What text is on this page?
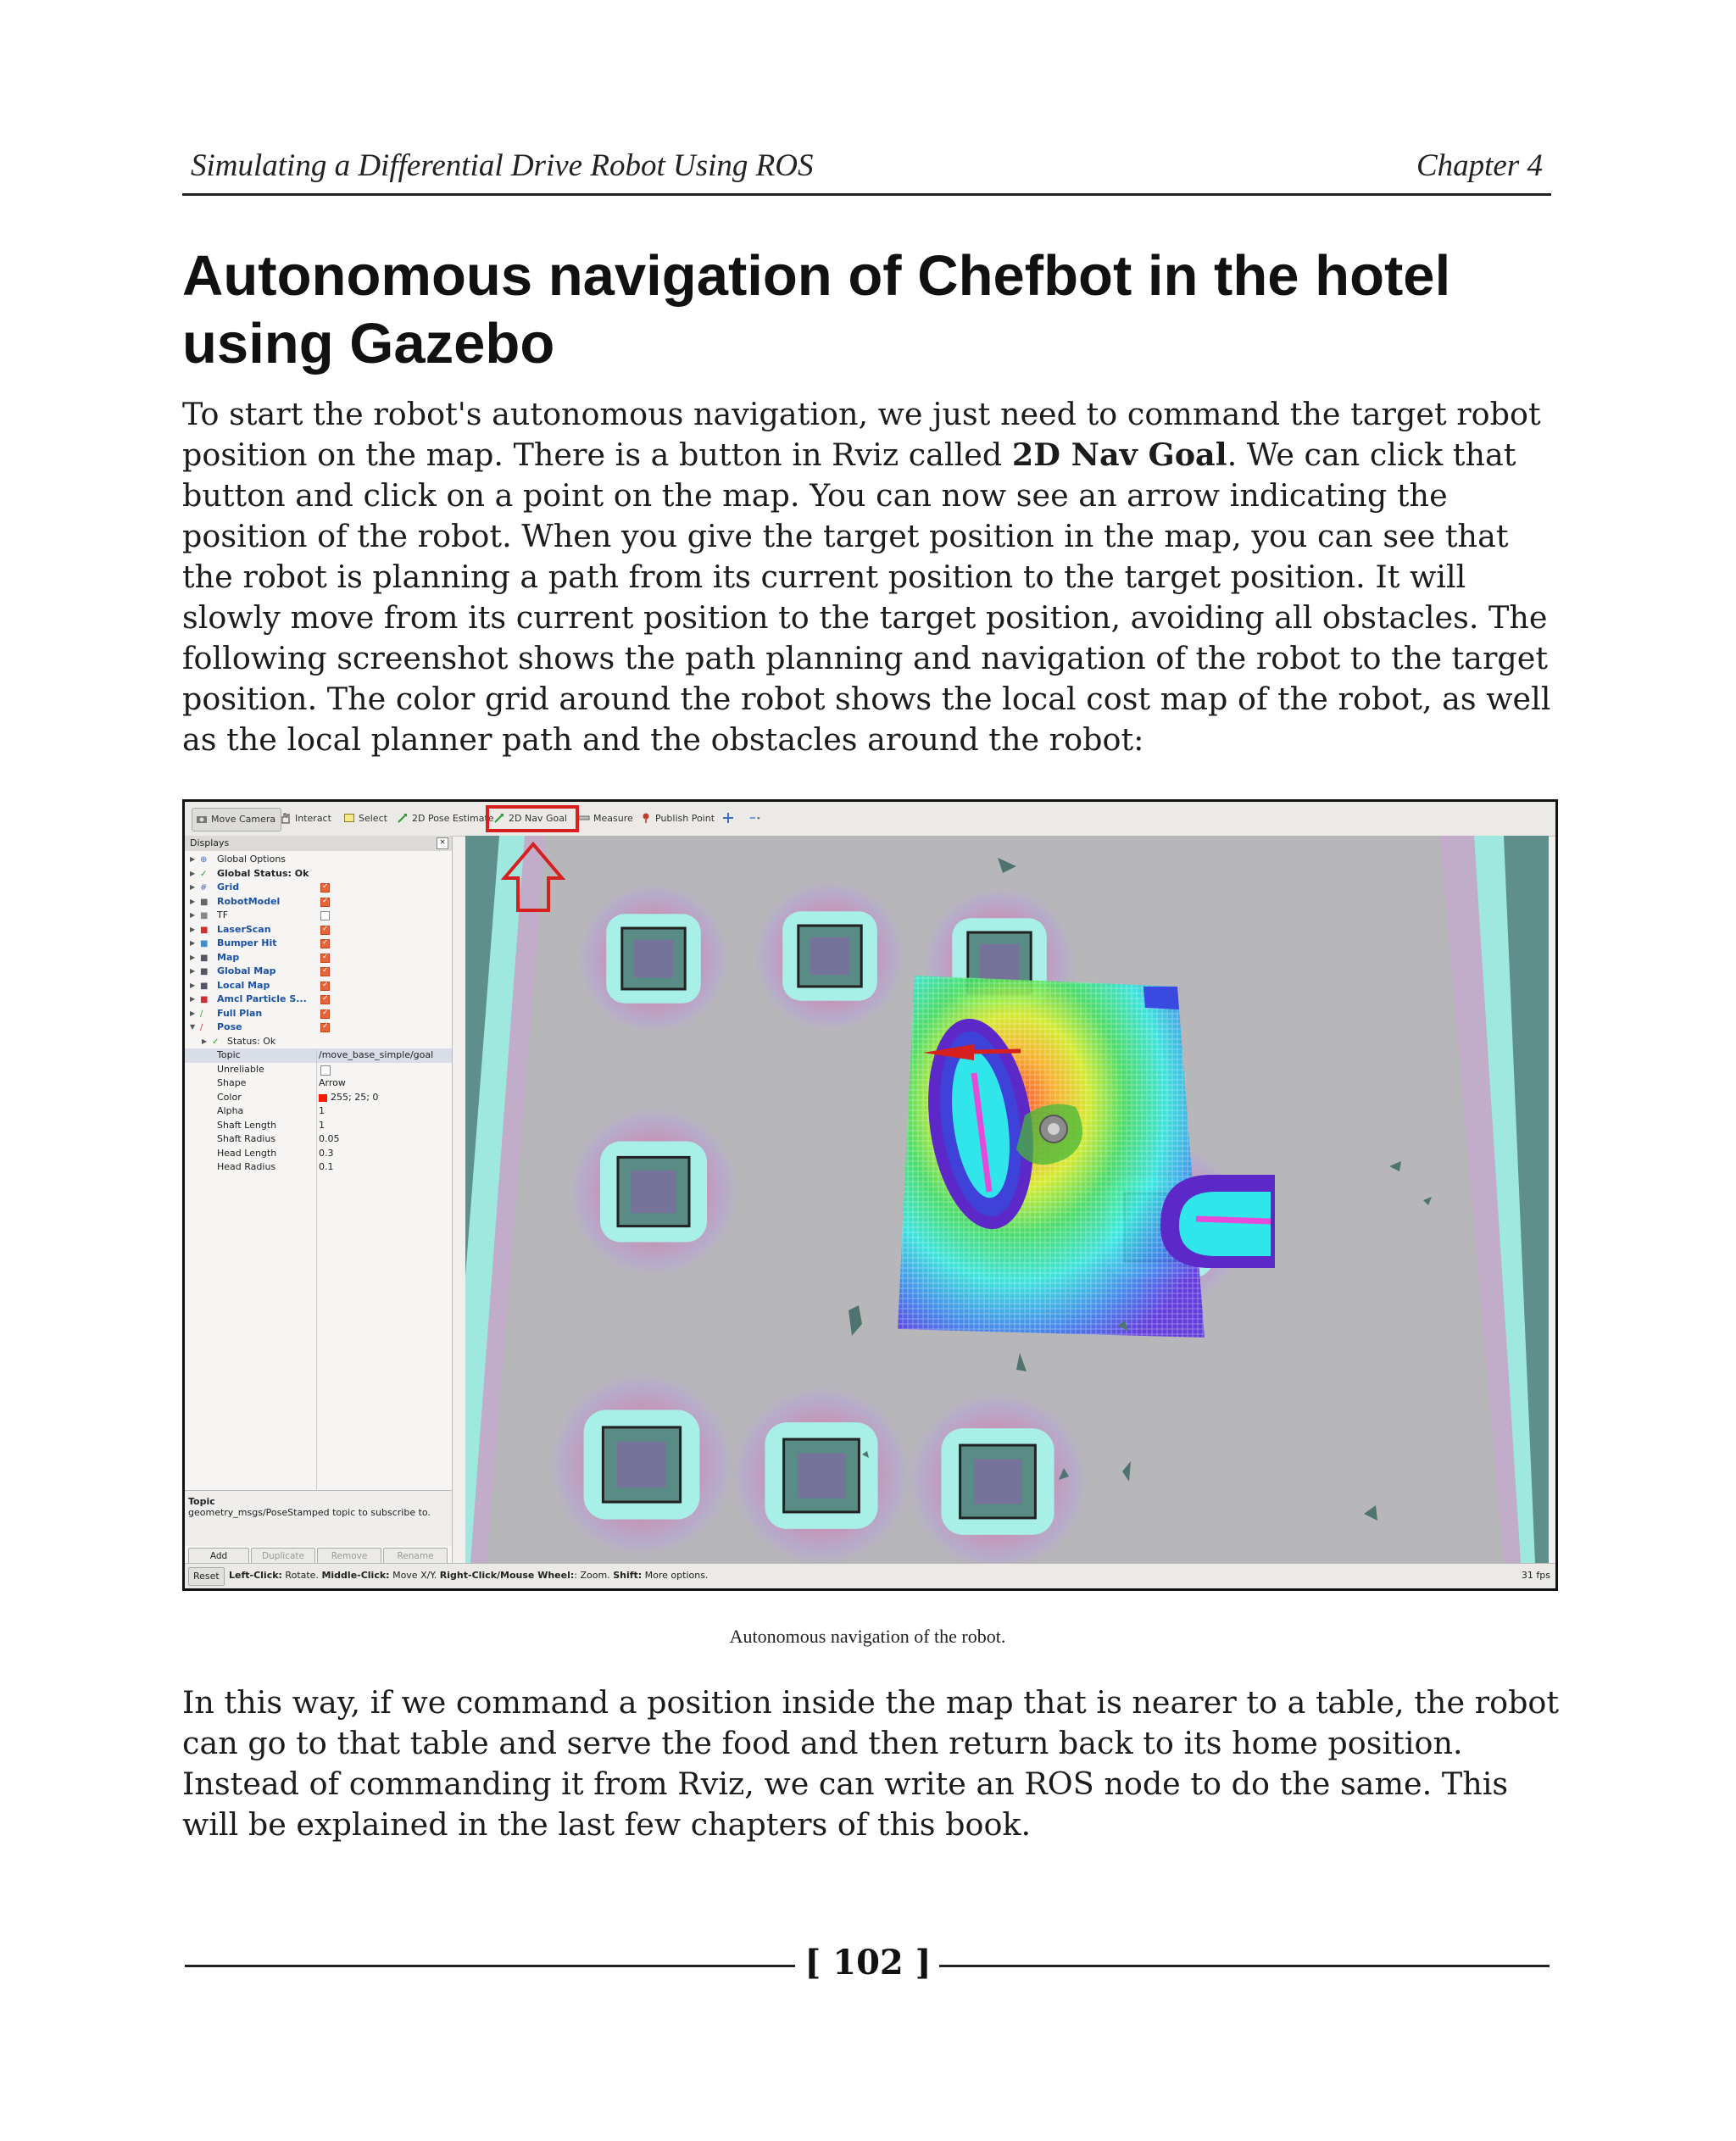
Simulating a Differential Drive Robot Using ROS	Chapter 4
Autonomous navigation of Chefbot in the hotel using Gazebo

To start the robot's autonomous navigation, we just need to command the target robot position on the map. There is a button in Rviz called 2D Nav Goal. We can click that button and click on a point on the map. You can now see an arrow indicating the position of the robot. When you give the target position in the map, you can see that the robot is planning a path from its current position to the target position. It will slowly move from its current position to the target position, avoiding all obstacles. The following screenshot shows the path planning and navigation of the robot to the target position. The color grid around the robot shows the local cost map of the robot, as well as the local planner path and the obstacles around the robot:

Move Camera	Interact	Select	2D Pose Estimate	2D Nav Goal	Measure	Publish Point
Displays	×
▶ ⊕ Global Options
▶ ✓ Global Status: Ok
▶ # Grid
✓
▶ ■ RobotModel
✓
▶ ■ TF
▶ ■ LaserScan
✓
▶ ■ Bumper Hit
✓
▶ ■ Map
✓
▶ ■ Global Map
✓
▶ ■ Local Map
✓
▶ ■ Amcl Particle S...
✓
▶ ∕	Full Plan
✓
▼ ∕	Pose
✓
▶ ✓ Status: Ok
Topic	/move_base_simple/goal
Unreliable
Shape	Arrow
Color	255; 25; 0
Alpha	1
Shaft Length	1
Shaft Radius	0.05
Head Length	0.3
Head Radius	0.1
Topic
geometry_msgs/PoseStamped topic to subscribe to.
Add	Duplicate	Remove	Rename
Reset	Left-Click: Rotate. Middle-Click: Move X/Y. Right-Click/Mouse Wheel:: Zoom. Shift: More options.	31 fps
Autonomous navigation of the robot.

In this way, if we command a position inside the map that is nearer to a table, the robot can go to that table and serve the food and then return back to its home position. Instead of commanding it from Rviz, we can write an ROS node to do the same. This will be explained in the last few chapters of this book.

[ 102 ]
